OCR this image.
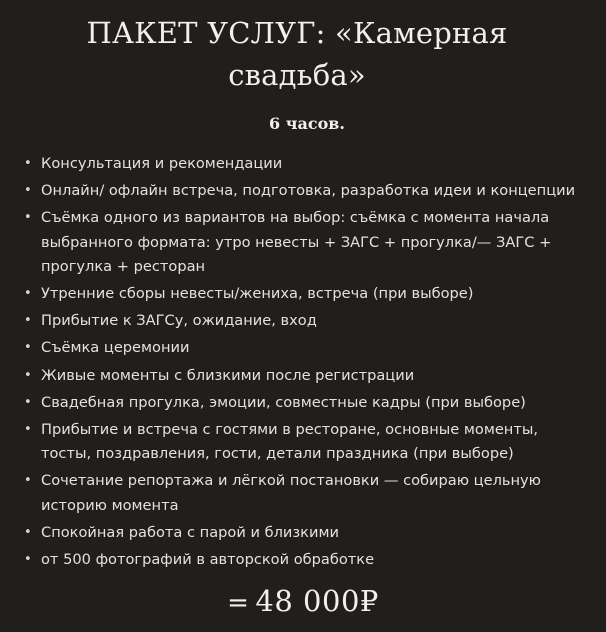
ПАКЕТ УСЛУГ: «Камерная свадьба»
6 часов.
• Консультация и рекомендации
• Онлайн/ офлайн встреча, подготовка, разработка идеи и концепции
• Съёмка одного из вариантов на выбор: съёмка с момента начала выбранного формата: утро невесты + ЗАГС + прогулка/— ЗАГС + прогулка + ресторан
• Утренние сборы невесты/жениха, встреча (при выборе)
• Прибытие к ЗАГСу, ожидание, вход
• Съёмка церемонии
• Живые моменты с близкими после регистрации
• Свадебная прогулка, эмоции, совместные кадры (при выборе)
• Прибытие и встреча с гостями в ресторане, основные моменты, тосты, поздравления, гости, детали праздника (при выборе)
• Сочетание репортажа и лёгкой постановки — собираю цельную историю момента
• Спокойная работа с парой и близкими
• от 500 фотографий в авторской обработке
= 48 000₽
